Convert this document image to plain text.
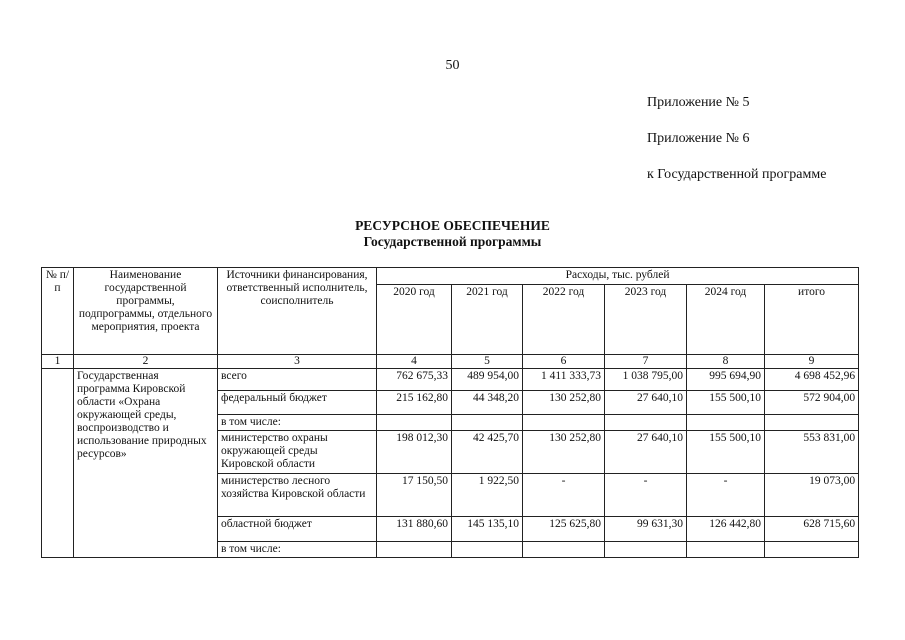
50
Приложение № 5
Приложение № 6
к Государственной программе
РЕСУРСНОЕ ОБЕСПЕЧЕНИЕ
Государственной программы
№ п/п	Наименование государственной программы, подпрограммы, отдельного мероприятия, проекта	Источники финансирования, ответственный исполнитель, соисполнитель	Расходы, тыс. рублей					
			2020 год	2021 год	2022 год	2023 год	2024 год	итого
1	2	3	4	5	6	7	8	9
	Государственная программа Кировской области «Охрана окружающей среды, воспроизводство и использование природных ресурсов»	всего	762 675,33	489 954,00	1 411 333,73	1 038 795,00	995 694,90	4 698 452,96
		федеральный бюджет	215 162,80	44 348,20	130 252,80	27 640,10	155 500,10	572 904,00
		в том числе:						
		министерство охраны окружающей среды Кировской области	198 012,30	42 425,70	130 252,80	27 640,10	155 500,10	553 831,00
		министерство лесного хозяйства Кировской области	17 150,50	1 922,50	-	-	-	19 073,00
		областной бюджет	131 880,60	145 135,10	125 625,80	99 631,30	126 442,80	628 715,60
		в том числе:						
